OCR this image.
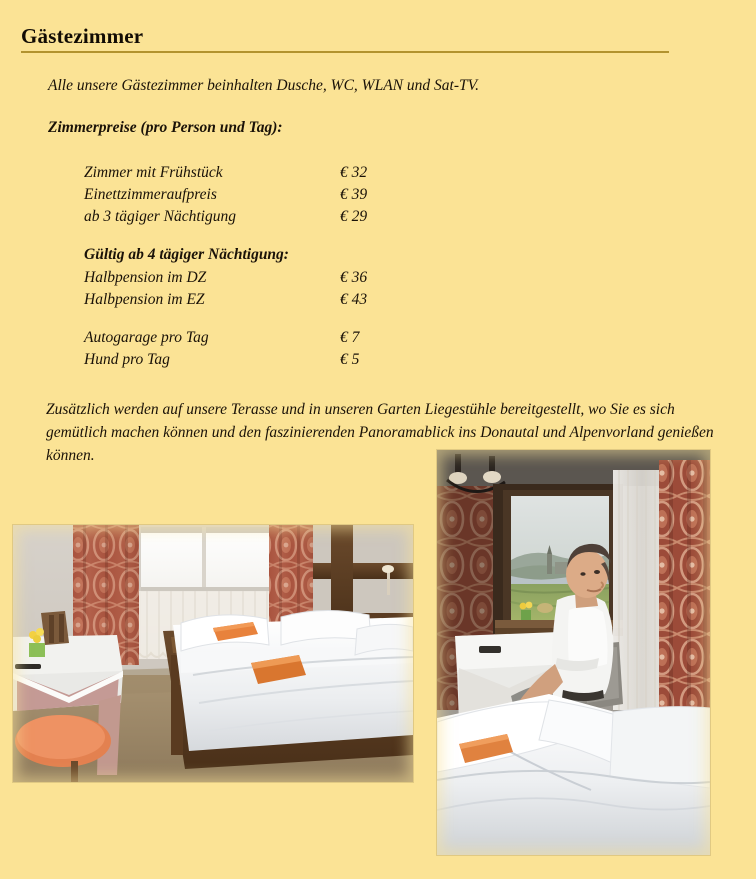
Gästezimmer
Alle unsere Gästezimmer beinhalten Dusche, WC, WLAN und Sat-TV.
Zimmerpreise (pro Person und Tag):
Zimmer mit Frühstück	€ 32
Einettzimmeraufpreis	€ 39
ab 3 tägiger Nächtigung	€ 29

Gültig ab 4 tägiger Nächtigung:	
Halbpension im DZ	€ 36
Halbpension im EZ	€ 43

Autogarage pro Tag	€ 7
Hund pro Tag	€ 5
Zusätzlich werden auf unsere Terasse und in unseren Garten Liegestühle bereitgestellt, wo Sie es sich gemütlich machen können und den faszinierenden Panoramablick ins Donautal und Alpenvorland genießen können.
